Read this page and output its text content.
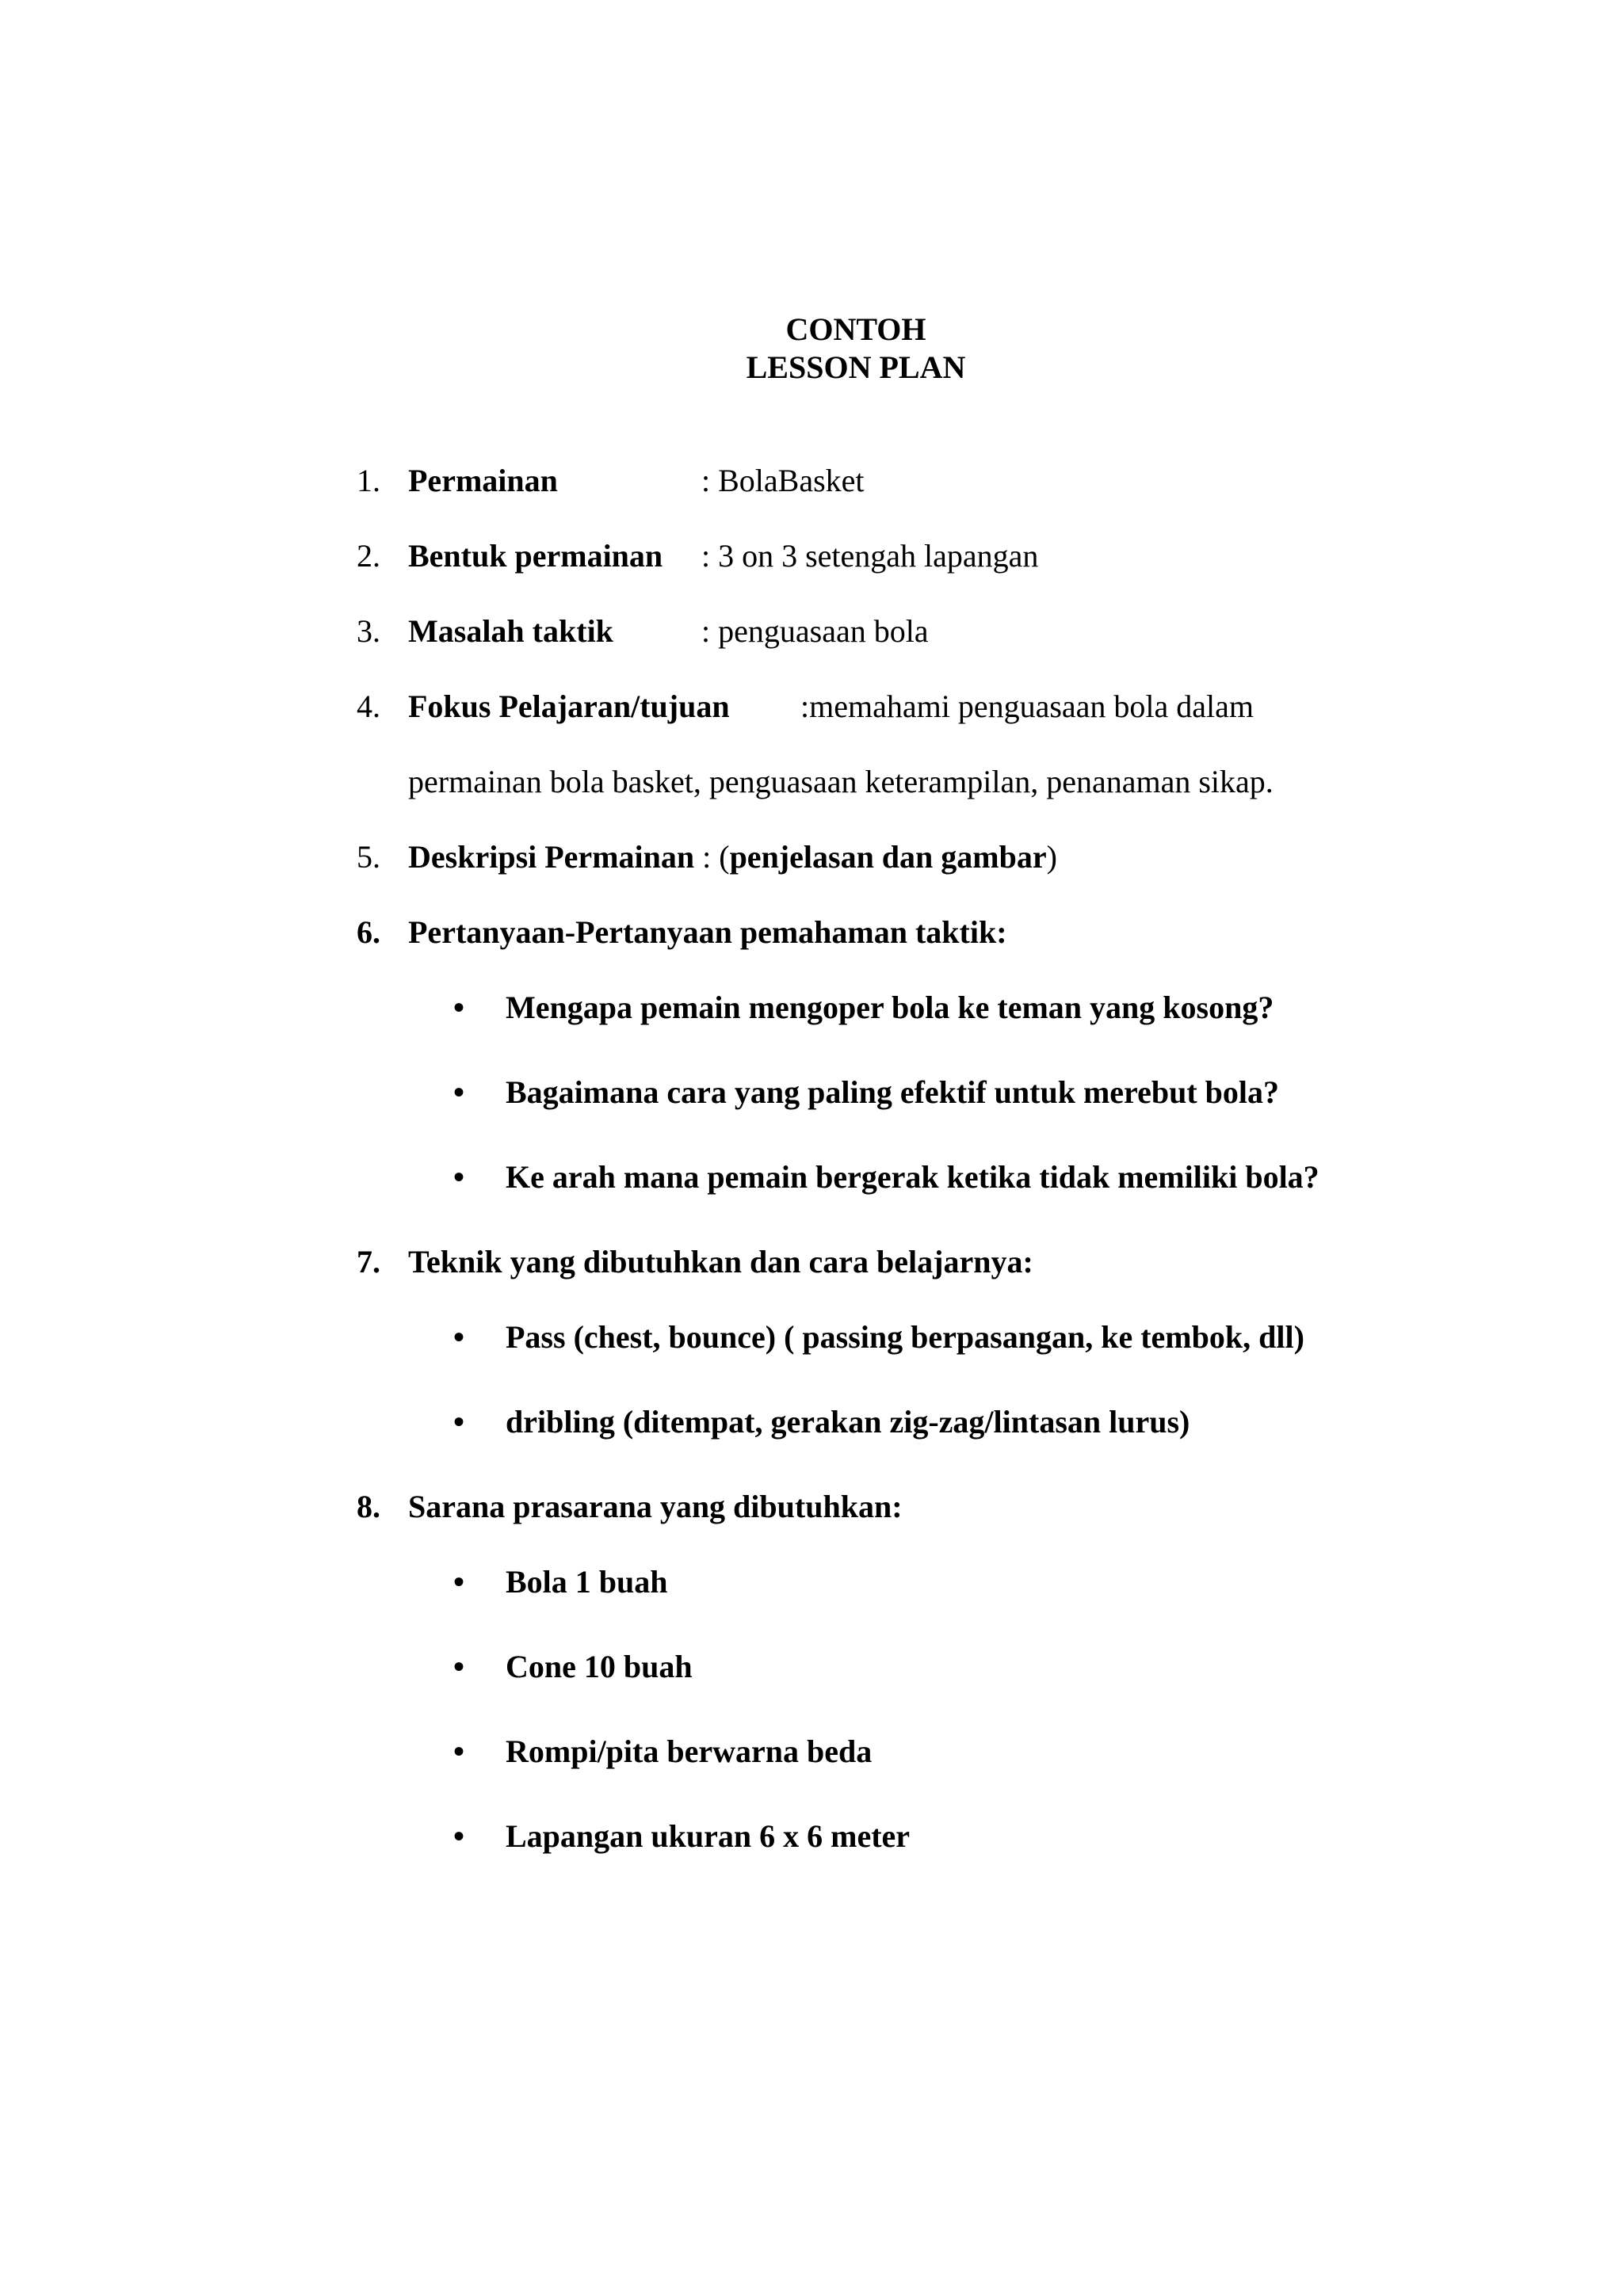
CONTOH
LESSON PLAN
1. Permainan	: BolaBasket
2. Bentuk permainan : 3 on 3 setengah lapangan
3. Masalah taktik	: penguasaan bola
4. Fokus Pelajaran/tujuan :memahami penguasaan bola dalam
permainan bola basket, penguasaan keterampilan, penanaman sikap.
5. Deskripsi Permainan : (penjelasan dan gambar)
6. Pertanyaan-Pertanyaan pemahaman taktik:
• Mengapa pemain mengoper bola ke teman yang kosong?
• Bagaimana cara yang paling efektif untuk merebut bola?
• Ke arah mana pemain bergerak ketika tidak memiliki bola?
7. Teknik yang dibutuhkan dan cara belajarnya:
• Pass (chest, bounce) ( passing berpasangan, ke tembok, dll)
• dribling (ditempat, gerakan zig-zag/lintasan lurus)
8. Sarana prasarana yang dibutuhkan:
• Bola 1 buah
• Cone 10 buah
• Rompi/pita berwarna beda
• Lapangan ukuran 6 x 6 meter
